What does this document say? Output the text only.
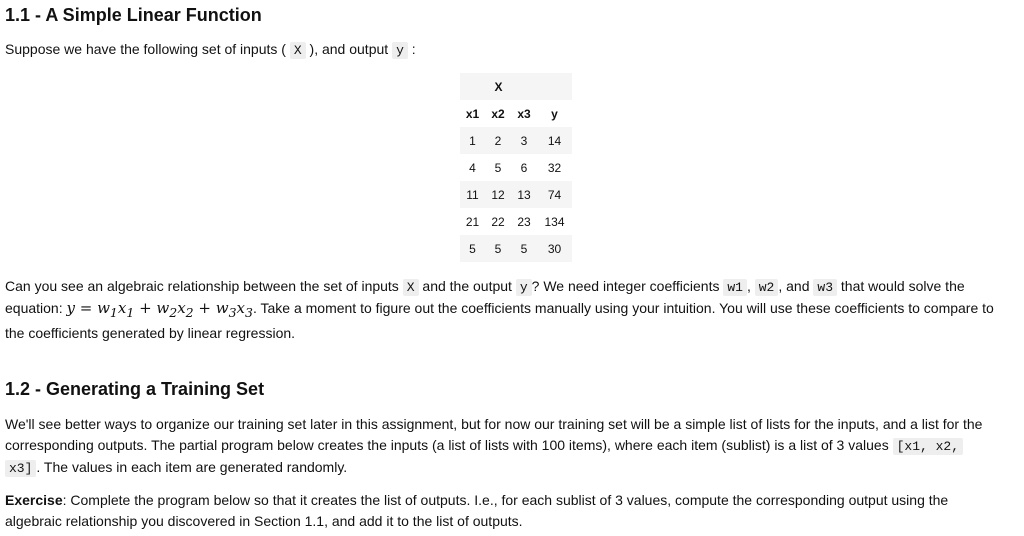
1.1 - A Simple Linear Function

Suppose we have the following set of inputs ( X ), and output y :

X			
x1	x2	x3	y
1	2	3	14
4	5	6	32
11	12	13	74
21	22	23	134
5	5	5	30
Can you see an algebraic relationship between the set of inputs X and the output y ? We need integer coefficients w1 , w2 , and w3 that would solve the
equation: $y = w_1x_1 + w_2x_2 + w_3x_3$. Take a moment to figure out the coefficients manually using your intuition. You will use these coefficients to compare to
the coefficients generated by linear regression.
1.2 - Generating a Training Set
We'll see better ways to organize our training set later in this assignment, but for now our training set will be a simple list of lists for the inputs, and a list for the
corresponding outputs. The partial program below creates the inputs (a list of lists with 100 items), where each item (sublist) is a list of 3 values [x1, x2,
x3] . The values in each item are generated randomly.
Exercise: Complete the program below so that it creates the list of outputs. I.e., for each sublist of 3 values, compute the corresponding output using the
algebraic relationship you discovered in Section 1.1, and add it to the list of outputs.
